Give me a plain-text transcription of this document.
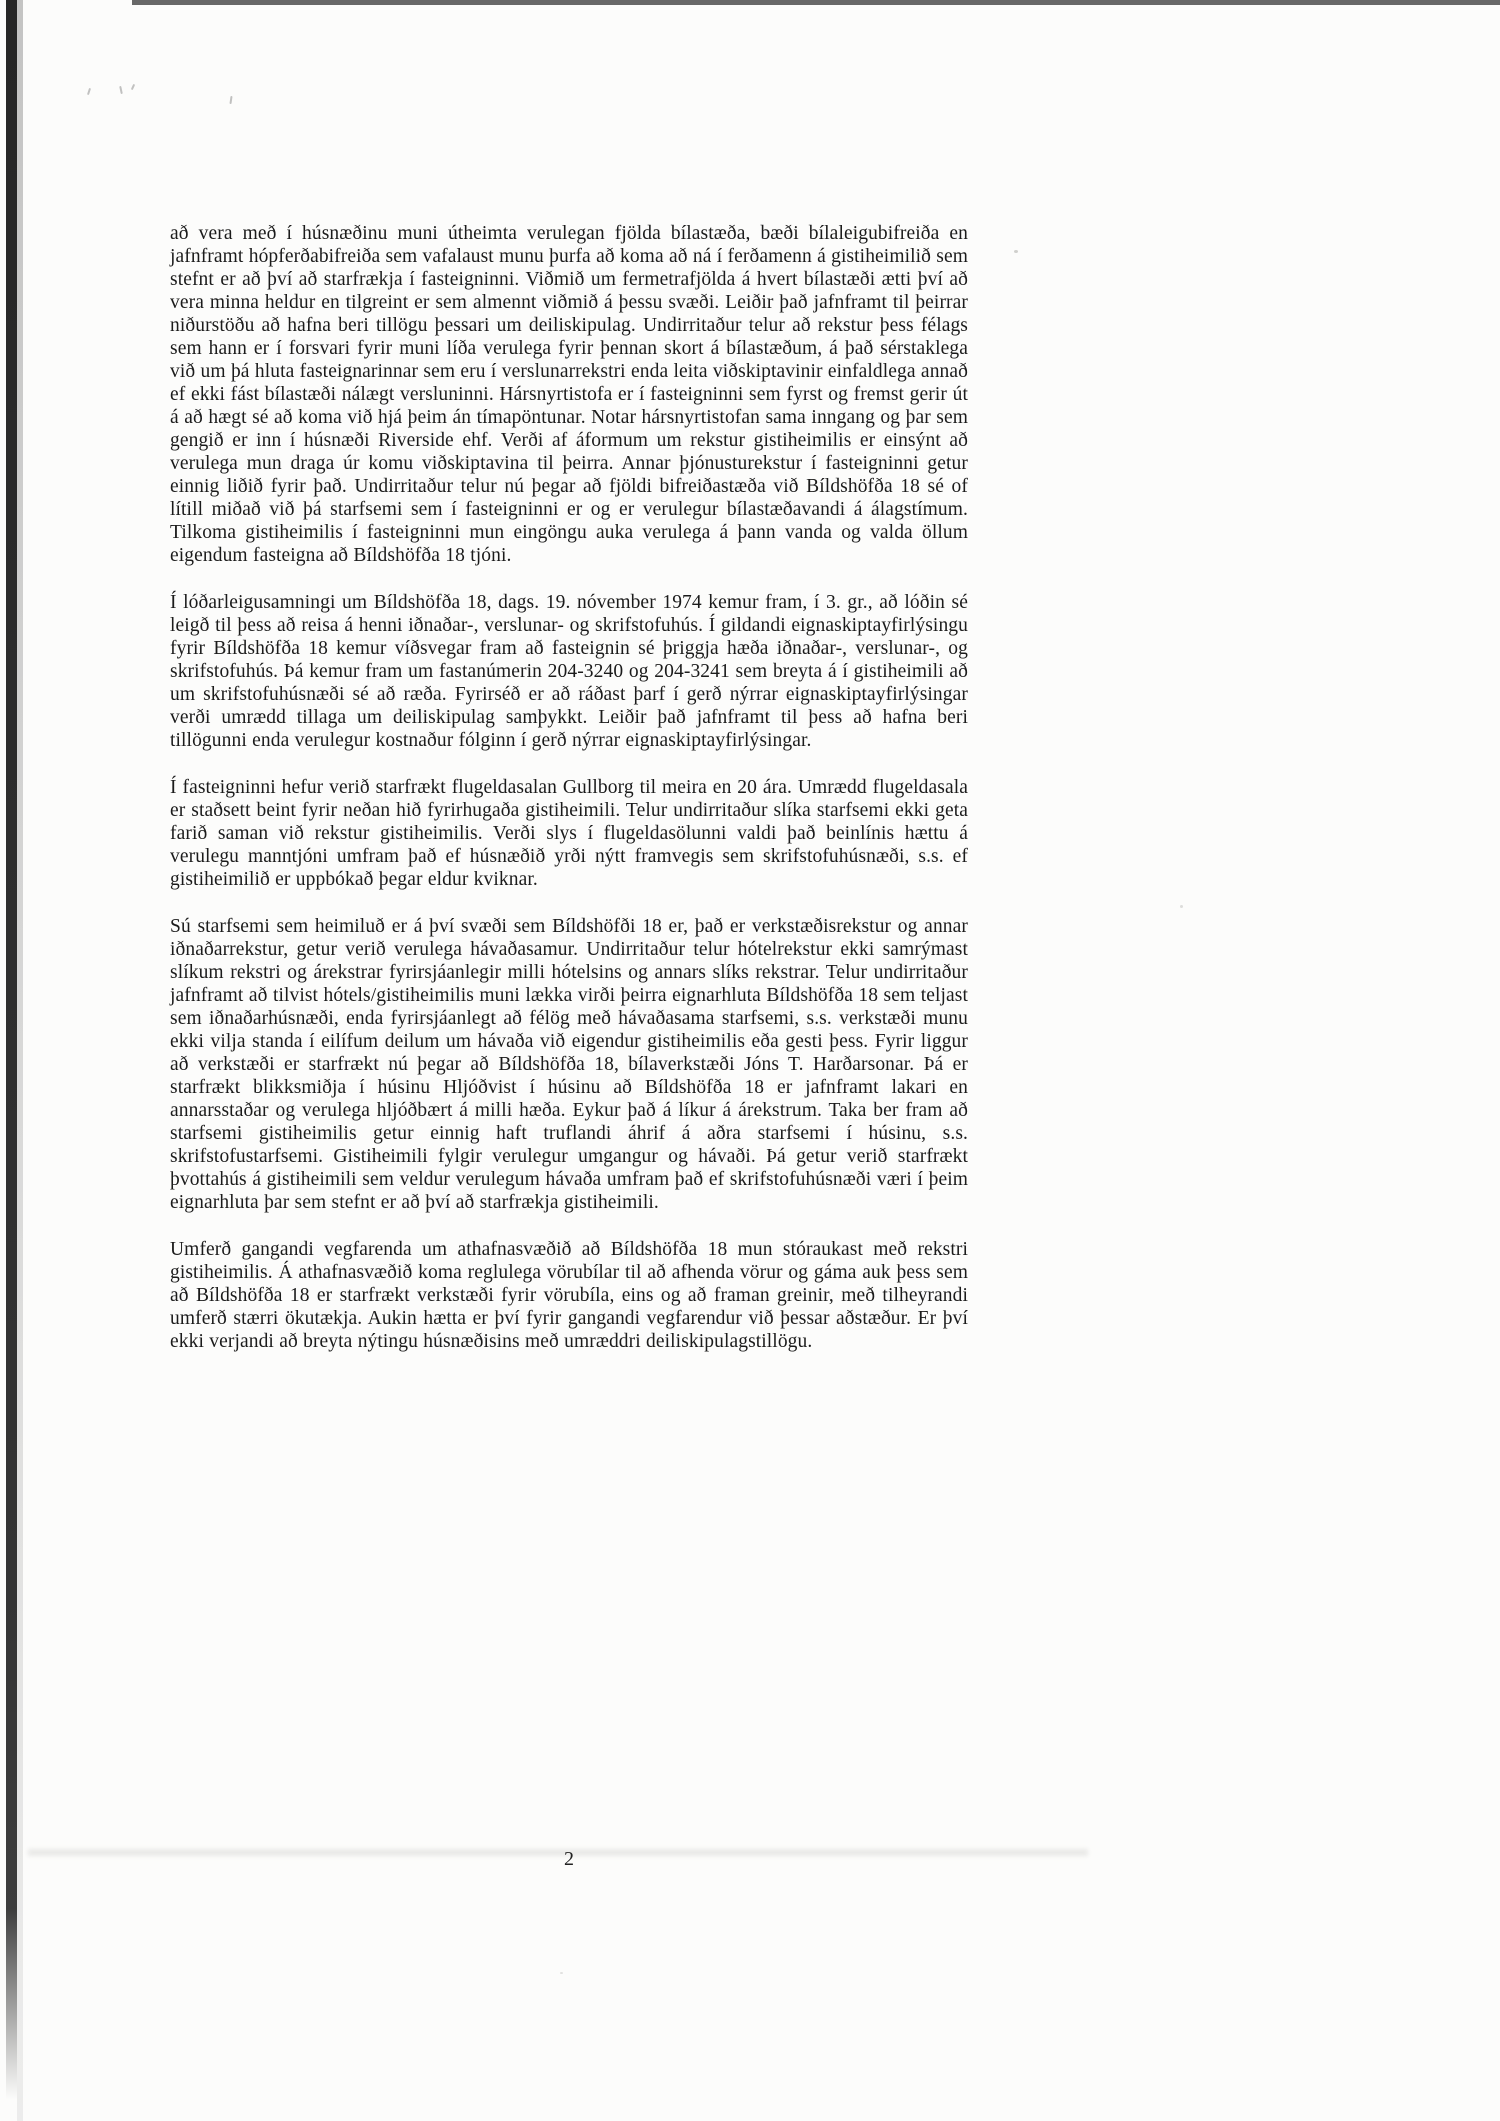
að vera með í húsnæðinu muni útheimta verulegan fjölda bílastæða, bæði bílaleigubifreiða en jafnframt hópferðabifreiða sem vafalaust munu þurfa að koma að ná í ferðamenn á gistiheimilið sem stefnt er að því að starfrækja í fasteigninni. Viðmið um fermetrafjölda á hvert bílastæði ætti því að vera minna heldur en tilgreint er sem almennt viðmið á þessu svæði. Leiðir það jafnframt til þeirrar niðurstöðu að hafna beri tillögu þessari um deiliskipulag. Undirritaður telur að rekstur þess félags sem hann er í forsvari fyrir muni líða verulega fyrir þennan skort á bílastæðum, á það sérstaklega við um þá hluta fasteignarinnar sem eru í verslunarrekstri enda leita viðskiptavinir einfaldlega annað ef ekki fást bílastæði nálægt versluninni. Hársnyrtistofa er í fasteigninni sem fyrst og fremst gerir út á að hægt sé að koma við hjá þeim án tímapöntunar. Notar hársnyrtistofan sama inngang og þar sem gengið er inn í húsnæði Riverside ehf. Verði af áformum um rekstur gistiheimilis er einsýnt að verulega mun draga úr komu viðskiptavina til þeirra. Annar þjónusturekstur í fasteigninni getur einnig liðið fyrir það. Undirritaður telur nú þegar að fjöldi bifreiðastæða við Bíldshöfða 18 sé of lítill miðað við þá starfsemi sem í fasteigninni er og er verulegur bílastæðavandi á álagstímum. Tilkoma gistiheimilis í fasteigninni mun eingöngu auka verulega á þann vanda og valda öllum eigendum fasteigna að Bíldshöfða 18 tjóni.

Í lóðarleigusamningi um Bíldshöfða 18, dags. 19. nóvember 1974 kemur fram, í 3. gr., að lóðin sé leigð til þess að reisa á henni iðnaðar-, verslunar- og skrifstofuhús. Í gildandi eignaskiptayfirlýsingu fyrir Bíldshöfða 18 kemur víðsvegar fram að fasteignin sé þriggja hæða iðnaðar-, verslunar-, og skrifstofuhús. Þá kemur fram um fastanúmerin 204-3240 og 204-3241 sem breyta á í gistiheimili að um skrifstofuhúsnæði sé að ræða. Fyrirséð er að ráðast þarf í gerð nýrrar eignaskiptayfirlýsingar verði umrædd tillaga um deiliskipulag samþykkt. Leiðir það jafnframt til þess að hafna beri tillögunni enda verulegur kostnaður fólginn í gerð nýrrar eignaskiptayfirlýsingar.

Í fasteigninni hefur verið starfrækt flugeldasalan Gullborg til meira en 20 ára. Umrædd flugeldasala er staðsett beint fyrir neðan hið fyrirhugaða gistiheimili. Telur undirritaður slíka starfsemi ekki geta farið saman við rekstur gistiheimilis. Verði slys í flugeldasölunni valdi það beinlínis hættu á verulegu manntjóni umfram það ef húsnæðið yrði nýtt framvegis sem skrifstofuhúsnæði, s.s. ef gistiheimilið er uppbókað þegar eldur kviknar.

Sú starfsemi sem heimiluð er á því svæði sem Bíldshöfði 18 er, það er verkstæðisrekstur og annar iðnaðarrekstur, getur verið verulega hávaðasamur. Undirritaður telur hótelrekstur ekki samrýmast slíkum rekstri og árekstrar fyrirsjáanlegir milli hótelsins og annars slíks rekstrar. Telur undirritaður jafnframt að tilvist hótels/gistiheimilis muni lækka virði þeirra eignarhluta Bíldshöfða 18 sem teljast sem iðnaðarhúsnæði, enda fyrirsjáanlegt að félög með hávaðasama starfsemi, s.s. verkstæði munu ekki vilja standa í eilífum deilum um hávaða við eigendur gistiheimilis eða gesti þess. Fyrir liggur að verkstæði er starfrækt nú þegar að Bíldshöfða 18, bílaverkstæði Jóns T. Harðarsonar. Þá er starfrækt blikksmiðja í húsinu Hljóðvist í húsinu að Bíldshöfða 18 er jafnframt lakari en annarsstaðar og verulega hljóðbært á milli hæða. Eykur það á líkur á árekstrum. Taka ber fram að starfsemi gistiheimilis getur einnig haft truflandi áhrif á aðra starfsemi í húsinu, s.s. skrifstofustarfsemi. Gistiheimili fylgir verulegur umgangur og hávaði. Þá getur verið starfrækt þvottahús á gistiheimili sem veldur verulegum hávaða umfram það ef skrifstofuhúsnæði væri í þeim eignarhluta þar sem stefnt er að því að starfrækja gistiheimili.

Umferð gangandi vegfarenda um athafnasvæðið að Bíldshöfða 18 mun stóraukast með rekstri gistiheimilis. Á athafnasvæðið koma reglulega vörubílar til að afhenda vörur og gáma auk þess sem að Bíldshöfða 18 er starfrækt verkstæði fyrir vörubíla, eins og að framan greinir, með tilheyrandi umferð stærri ökutækja. Aukin hætta er því fyrir gangandi vegfarendur við þessar aðstæður. Er því ekki verjandi að breyta nýtingu húsnæðisins með umræddri deiliskipulagstillögu.

2
